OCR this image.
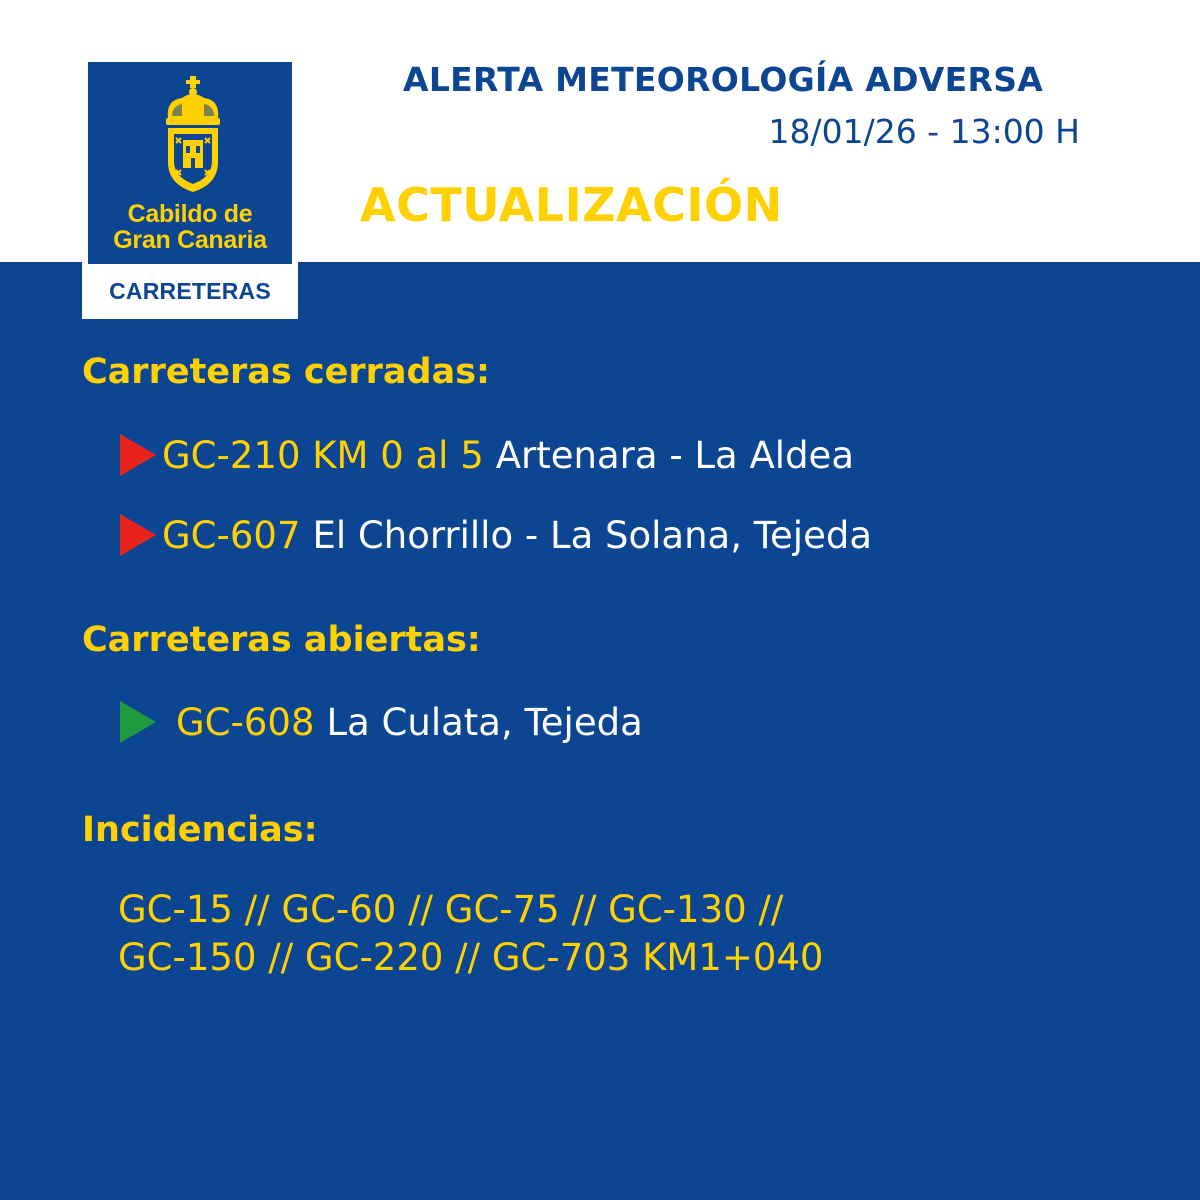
Cabildo de
Gran Canaria
CARRETERAS
ALERTA METEOROLOGÍA ADVERSA
18/01/26 - 13:00 H
ACTUALIZACIÓN
Carreteras cerradas:
GC-210 KM 0 al 5 Artenara - La Aldea
GC-607 El Chorrillo - La Solana, Tejeda
Carreteras abiertas:
GC-608 La Culata, Tejeda
Incidencias:
GC-15 // GC-60 // GC-75 // GC-130 //
GC-150 // GC-220 // GC-703 KM1+040
